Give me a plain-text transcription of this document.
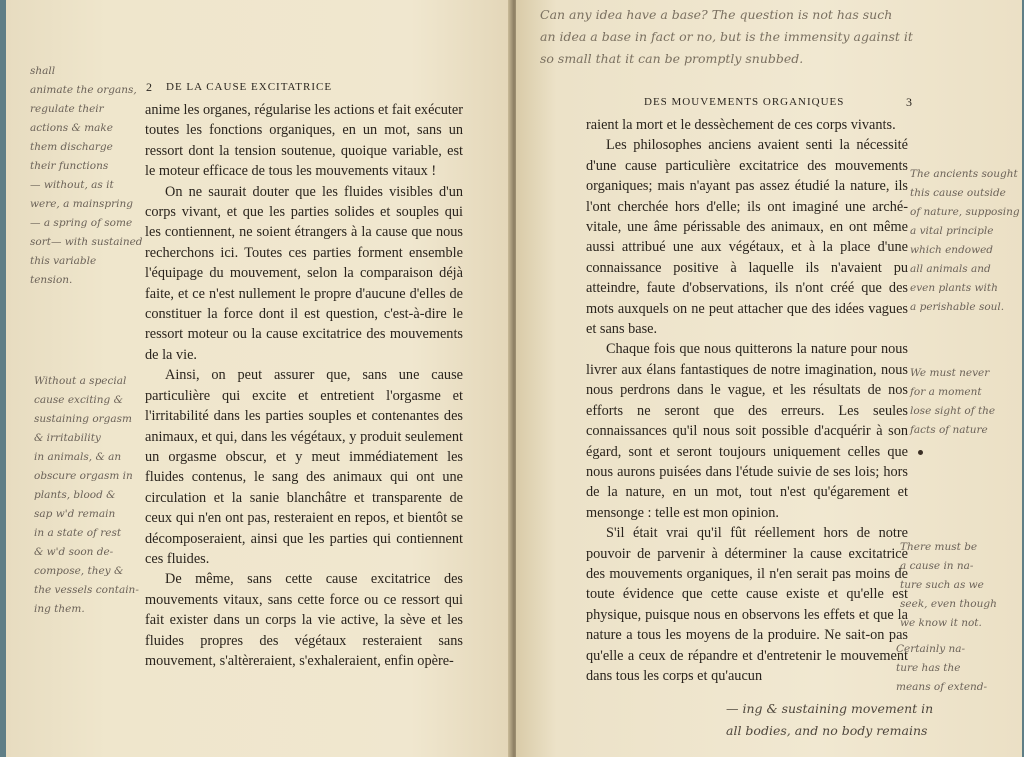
2 DE LA CAUSE EXCITATRICE
shall
animate the organs, regulate their
actions & make
them discharge
their functions
— without, as it
were, a mainspring
— a spring of some
sort— with sustained
this variable
tension.
Without a special
cause exciting &
sustaining orgasm
& irritability
in animals, & an
obscure orgasm in
plants, blood &
sap w'd remain
in a state of rest
& w'd soon de-
compose, they &
the vessels contain-
ing them.

anime les organes, régularise les actions et fait exécuter toutes les fonctions organiques, en un mot, sans un ressort dont la tension soutenue, quoique variable, est le moteur efficace de tous les mouvements vitaux !

On ne saurait douter que les fluides visibles d'un corps vivant, et que les parties solides et souples qui les contiennent, ne soient étrangers à la cause que nous recherchons ici. Toutes ces parties forment ensemble l'équipage du mouvement, selon la comparaison déjà faite, et ce n'est nullement le propre d'aucune d'elles de constituer la force dont il est question, c'est-à-dire le ressort moteur ou la cause excitatrice des mouvements de la vie.

Ainsi, on peut assurer que, sans une cause particulière qui excite et entretient l'orgasme et l'irritabilité dans les parties souples et contenantes des animaux, et qui, dans les végétaux, y produit seulement un orgasme obscur, et y meut immédiatement les fluides contenus, le sang des animaux qui ont une circulation et la sanie blanchâtre et transparente de ceux qui n'en ont pas, resteraient en repos, et bientôt se décomposeraient, ainsi que les parties qui contiennent ces fluides.

De même, sans cette cause excitatrice des mouvements vitaux, sans cette force ou ce ressort qui fait exister dans un corps la vie active, la sève et les fluides propres des végétaux resteraient sans mouvement, s'altèreraient, s'exhaleraient, enfin opère-

Can any idea have a base? The question is not has such
an idea a base in fact or no, but is the immensity against it
so small that it can be promptly snubbed.
DES MOUVEMENTS ORGANIQUES	3

raient la mort et le dessèchement de ces corps vivants.

Les philosophes anciens avaient senti la nécessité d'une cause particulière excitatrice des mouvements organiques; mais n'ayant pas assez étudié la nature, ils l'ont cherchée hors d'elle; ils ont imaginé une arché-vitale, une âme périssable des animaux, en ont même aussi attribué une aux végétaux, et à la place d'une connaissance positive à laquelle ils n'avaient pu atteindre, faute d'observations, ils n'ont créé que des mots auxquels on ne peut attacher que des idées vagues et sans base.

Chaque fois que nous quitterons la nature pour nous livrer aux élans fantastiques de notre imagination, nous nous perdrons dans le vague, et les résultats de nos efforts ne seront que des erreurs. Les seules connaissances qu'il nous soit possible d'acquérir à son égard, sont et seront toujours uniquement celles que nous aurons puisées dans l'étude suivie de ses lois; hors de la nature, en un mot, tout n'est qu'égarement et mensonge : telle est mon opinion.

S'il était vrai qu'il fût réellement hors de notre pouvoir de parvenir à déterminer la cause excitatrice des mouvements organiques, il n'en serait pas moins de toute évidence que cette cause existe et qu'elle est physique, puisque nous en observons les effets et que la nature a tous les moyens de la produire. Ne sait-on pas qu'elle a ceux de répandre et d'entretenir le mouvement dans tous les corps et qu'aucun

The ancients sought
this cause outside
of nature, supposing
a vital principle
which endowed
all animals and
even plants with
a perishable soul.
We must never
for a moment
lose sight of the
facts of nature
There must be
a cause in na-
ture such as we
seek, even though
we know it not.
Certainly na-
ture has the
means of extend-
— ing & sustaining movement in
all bodies, and no body remains
